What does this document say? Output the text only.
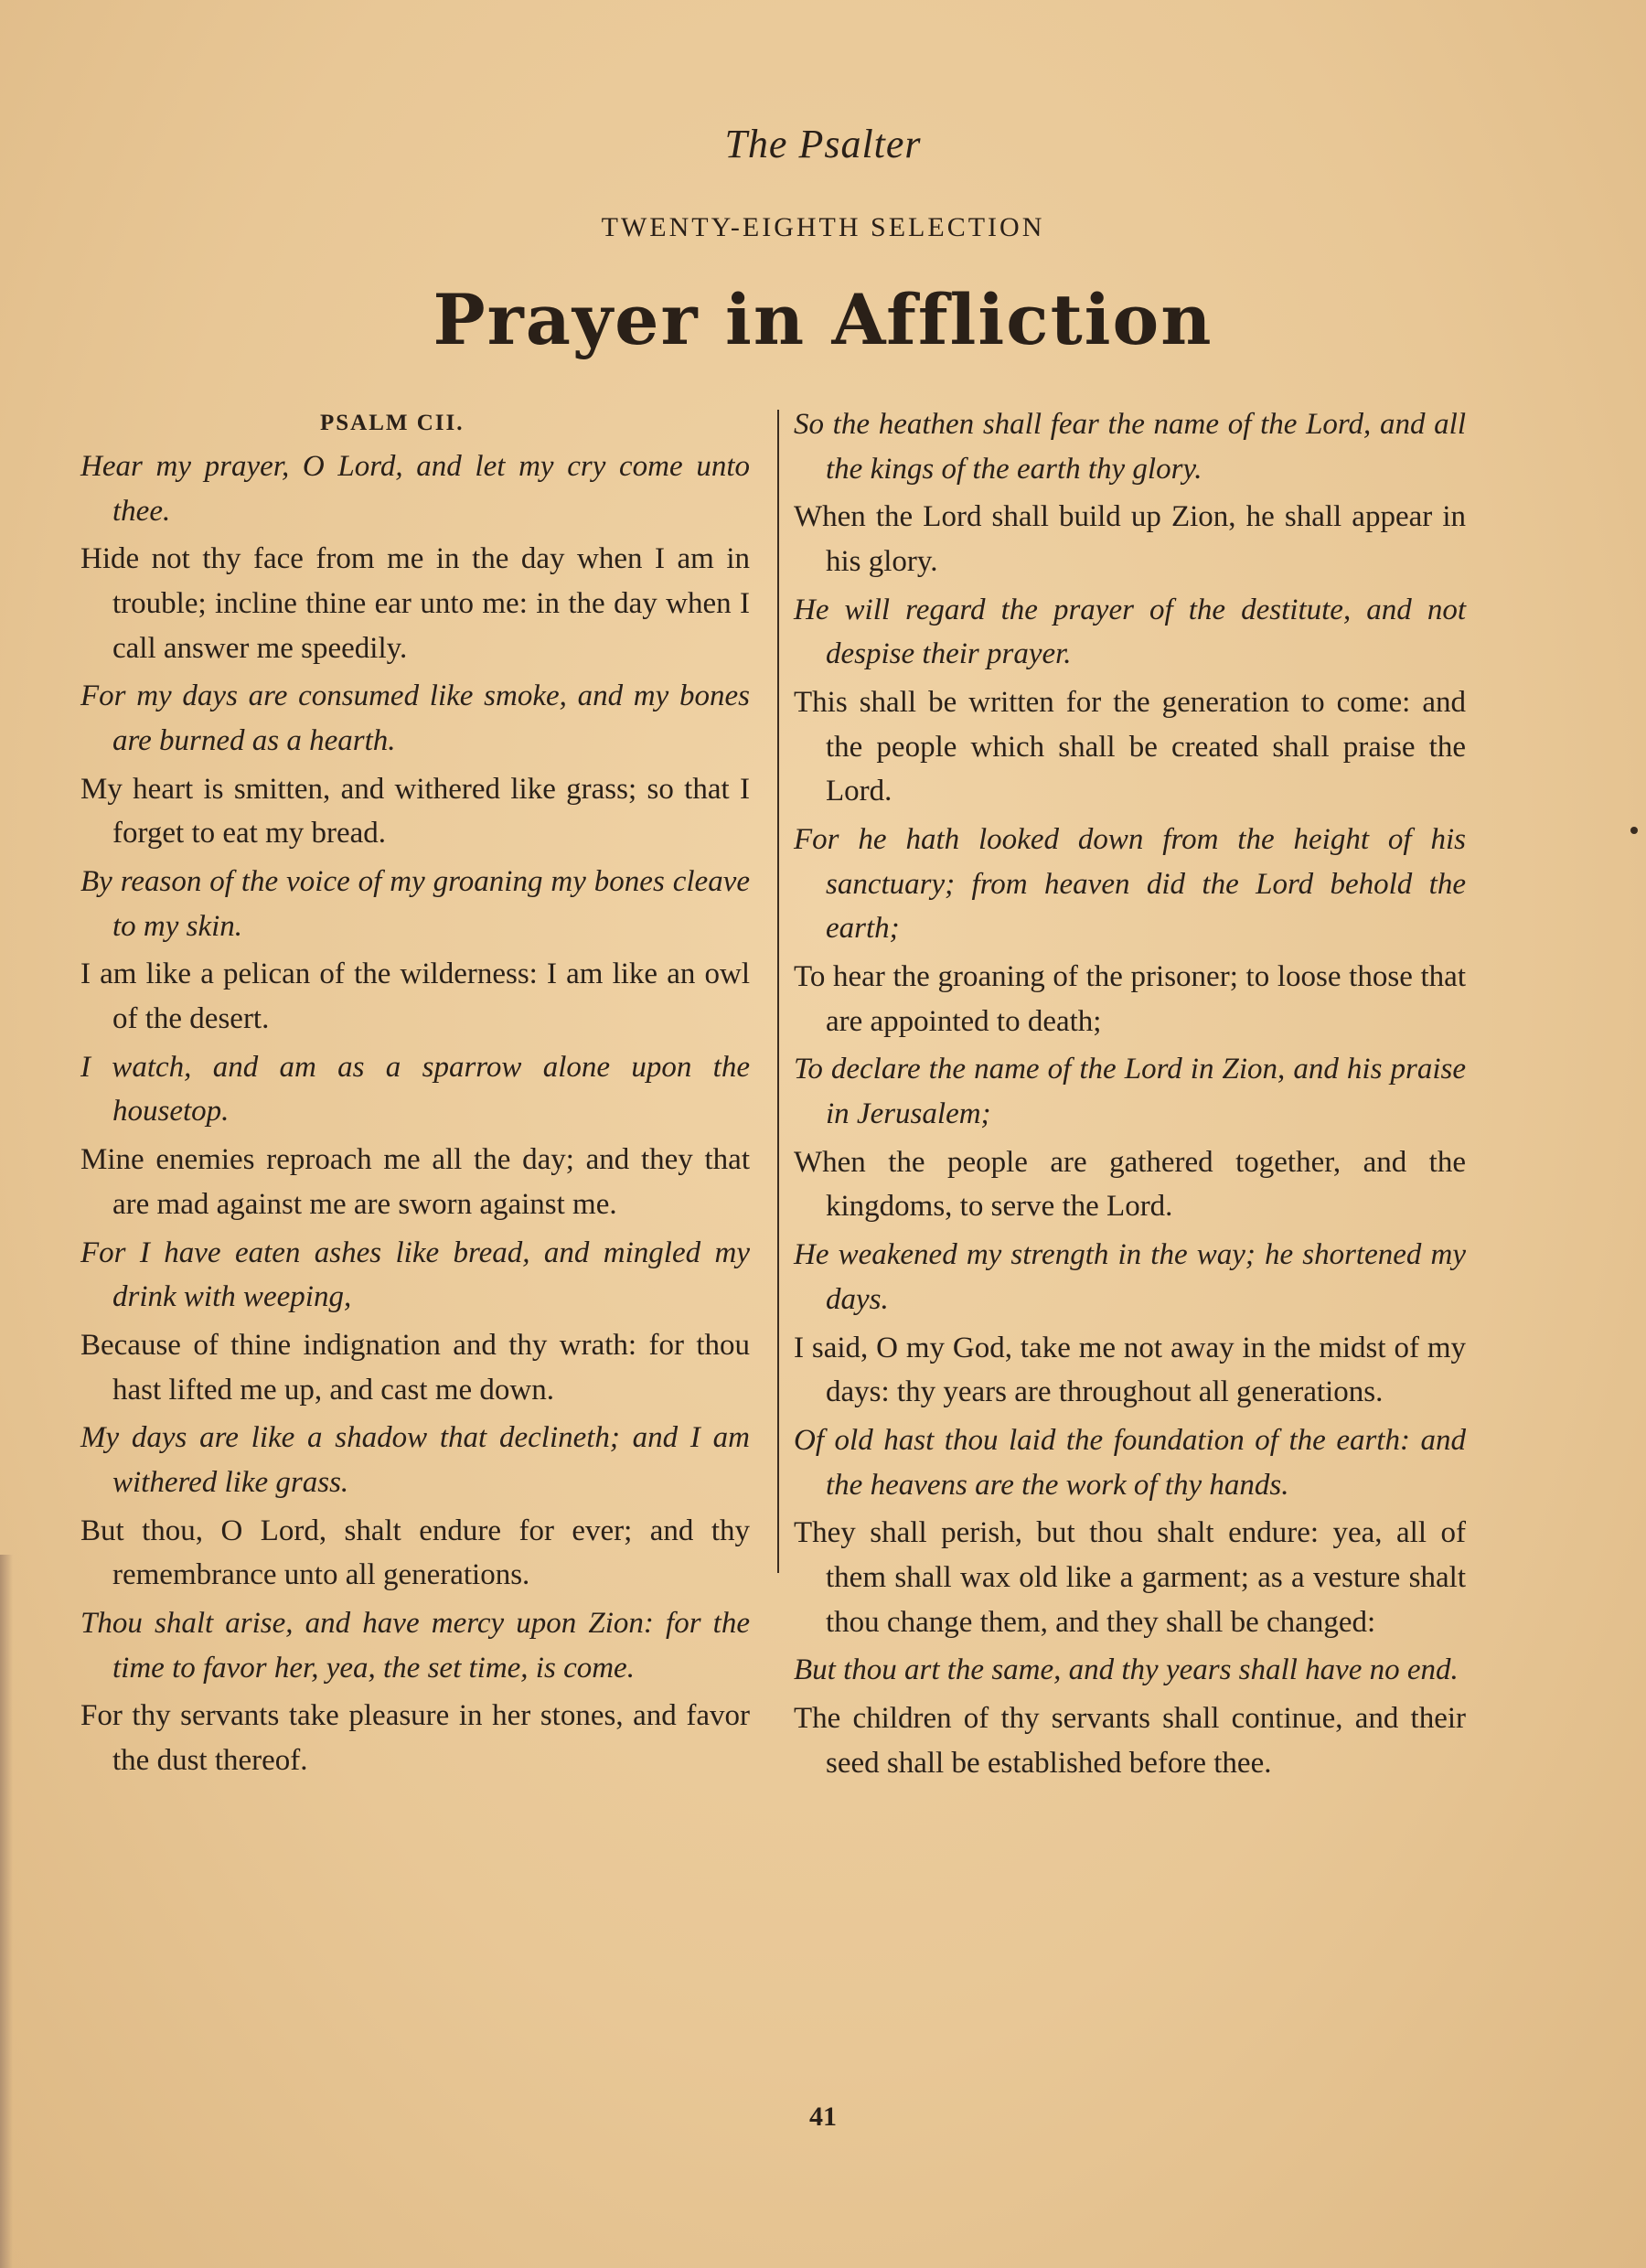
The Psalter
TWENTY-EIGHTH SELECTION
Prayer in Affliction
PSALM CII.

Hear my prayer, O Lord, and let my cry come unto thee.

Hide not thy face from me in the day when I am in trouble; incline thine ear unto me: in the day when I call answer me speedily.

For my days are consumed like smoke, and my bones are burned as a hearth.

My heart is smitten, and withered like grass; so that I forget to eat my bread.

By reason of the voice of my groaning my bones cleave to my skin.

I am like a pelican of the wilderness: I am like an owl of the desert.

I watch, and am as a sparrow alone upon the housetop.

Mine enemies reproach me all the day; and they that are mad against me are sworn against me.

For I have eaten ashes like bread, and mingled my drink with weeping,

Because of thine indignation and thy wrath: for thou hast lifted me up, and cast me down.

My days are like a shadow that declineth; and I am withered like grass.

But thou, O Lord, shalt endure for ever; and thy remembrance unto all generations.

Thou shalt arise, and have mercy upon Zion: for the time to favor her, yea, the set time, is come.

For thy servants take pleasure in her stones, and favor the dust thereof.

So the heathen shall fear the name of the Lord, and all the kings of the earth thy glory.

When the Lord shall build up Zion, he shall appear in his glory.

He will regard the prayer of the destitute, and not despise their prayer.

This shall be written for the generation to come: and the people which shall be created shall praise the Lord.

For he hath looked down from the height of his sanctuary; from heaven did the Lord behold the earth;

To hear the groaning of the prisoner; to loose those that are appointed to death;

To declare the name of the Lord in Zion, and his praise in Jerusalem;

When the people are gathered together, and the kingdoms, to serve the Lord.

He weakened my strength in the way; he shortened my days.

I said, O my God, take me not away in the midst of my days: thy years are throughout all generations.

Of old hast thou laid the foundation of the earth: and the heavens are the work of thy hands.

They shall perish, but thou shalt endure: yea, all of them shall wax old like a garment; as a vesture shalt thou change them, and they shall be changed:

But thou art the same, and thy years shall have no end.

The children of thy servants shall continue, and their seed shall be established before thee.

41
